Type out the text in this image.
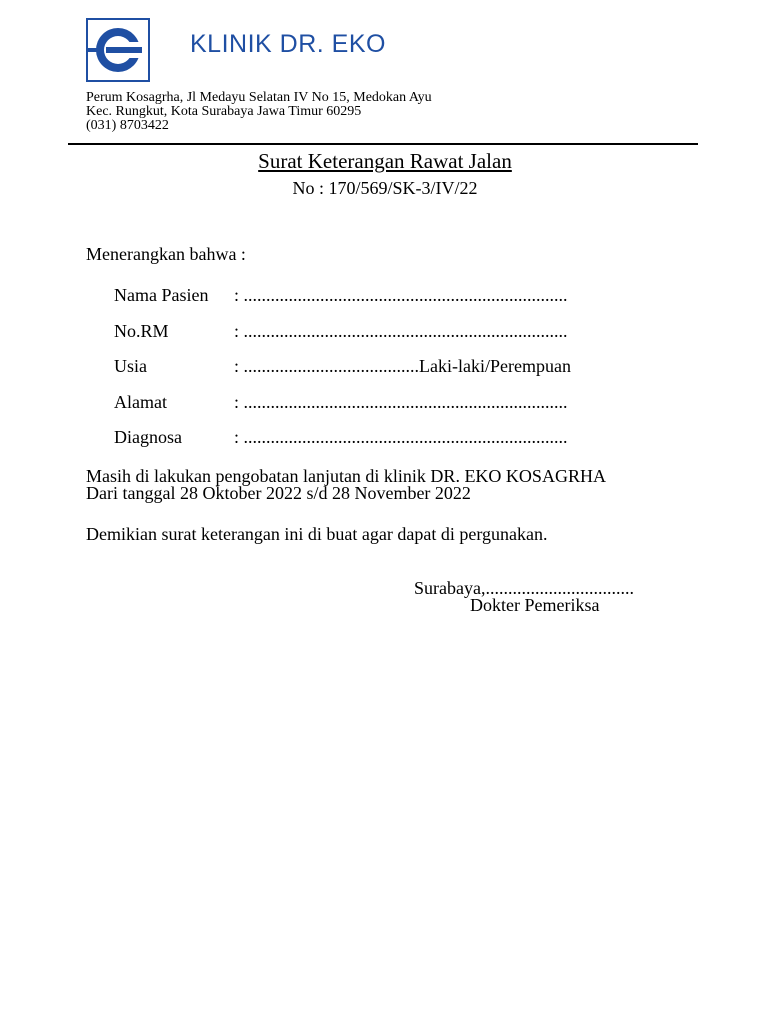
KLINIK DR. EKO
Perum Kosagrha, Jl Medayu Selatan IV No 15, Medokan Ayu
Kec. Rungkut, Kota Surabaya Jawa Timur 60295
(031) 8703422
Surat Keterangan Rawat Jalan
No : 170/569/SK-3/IV/22
Menerangkan bahwa :
Nama Pasien : ........................................................................
No.RM	: ........................................................................
Usia	: .......................................Laki-laki/Perempuan
Alamat	: ........................................................................
Diagnosa	: ........................................................................
Masih di lakukan pengobatan lanjutan di klinik DR. EKO KOSAGRHA
Dari tanggal 28 Oktober 2022 s/d 28 November 2022
Demikian surat keterangan ini di buat agar dapat di pergunakan.
Surabaya,.................................
Dokter Pemeriksa
